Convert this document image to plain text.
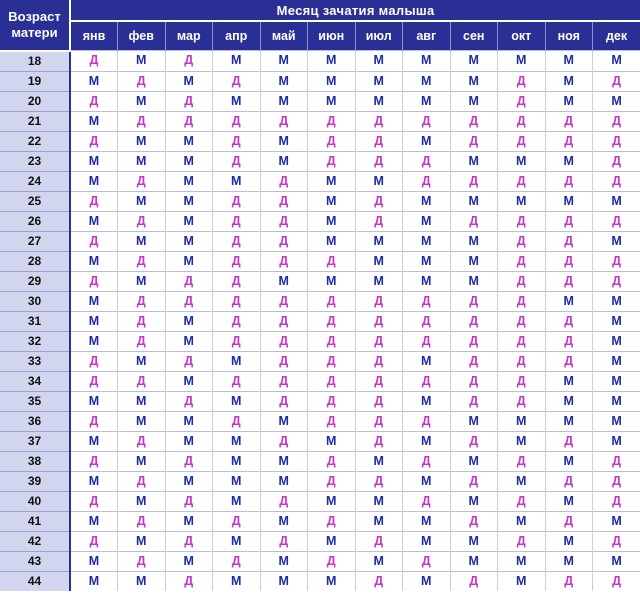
Возраст
матери	Месяц зачатия малыша											
	янв	фев	мар	апр	май	июн	июл	авг	сен	окт	ноя	дек
18	Д	М	Д	М	М	М	М	М	М	М	М	М
19	М	Д	М	Д	М	М	М	М	М	Д	М	Д
20	Д	М	Д	М	М	М	М	М	М	Д	М	М
21	М	Д	Д	Д	Д	Д	Д	Д	Д	Д	Д	Д
22	Д	М	М	Д	М	Д	Д	М	Д	Д	Д	Д
23	М	М	М	Д	М	Д	Д	Д	М	М	М	Д
24	М	Д	М	М	Д	М	М	Д	Д	Д	Д	Д
25	Д	М	М	Д	Д	М	Д	М	М	М	М	М
26	М	Д	М	Д	Д	М	Д	М	Д	Д	Д	Д
27	Д	М	М	Д	Д	М	М	М	М	Д	Д	М
28	М	Д	М	Д	Д	Д	М	М	М	Д	Д	Д
29	Д	М	Д	Д	М	М	М	М	М	Д	Д	Д
30	М	Д	Д	Д	Д	Д	Д	Д	Д	Д	М	М
31	М	Д	М	Д	Д	Д	Д	Д	Д	Д	Д	М
32	М	Д	М	Д	Д	Д	Д	Д	Д	Д	Д	М
33	Д	М	Д	М	Д	Д	Д	М	Д	Д	Д	М
34	Д	Д	М	Д	Д	Д	Д	Д	Д	Д	М	М
35	М	М	Д	М	Д	Д	Д	М	Д	Д	М	М
36	Д	М	М	Д	М	Д	Д	Д	М	М	М	М
37	М	Д	М	М	Д	М	Д	М	Д	М	Д	М
38	Д	М	Д	М	М	Д	М	Д	М	Д	М	Д
39	М	Д	М	М	М	Д	Д	М	Д	М	Д	Д
40	Д	М	Д	М	Д	М	М	Д	М	Д	М	Д
41	М	Д	М	Д	М	Д	М	М	Д	М	Д	М
42	Д	М	Д	М	Д	М	Д	М	М	Д	М	Д
43	М	Д	М	Д	М	Д	М	Д	М	М	М	М
44	М	М	Д	М	М	М	Д	М	Д	М	Д	Д
